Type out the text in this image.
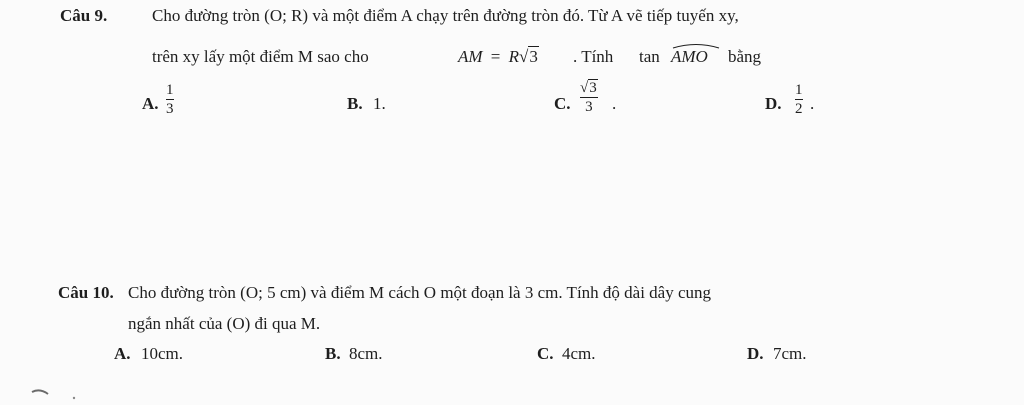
Câu 9.	Cho đường tròn (O; R) và một điểm A chạy trên đường tròn đó. Từ A vẽ tiếp tuyến xy,
trên xy lấy một điểm M sao cho	AM = R√3 . Tính tan AMO bằng
A.
1
3	B. 1.	C.
√3
3 .	D.
1
2 .
Câu 10. Cho đường tròn (O; 5 cm) và điểm M cách O một đoạn là 3 cm. Tính độ dài dây cung
ngắn nhất của (O) đi qua M.
A. 10cm.	B. 8cm.	C. 4cm.	D. 7cm.
